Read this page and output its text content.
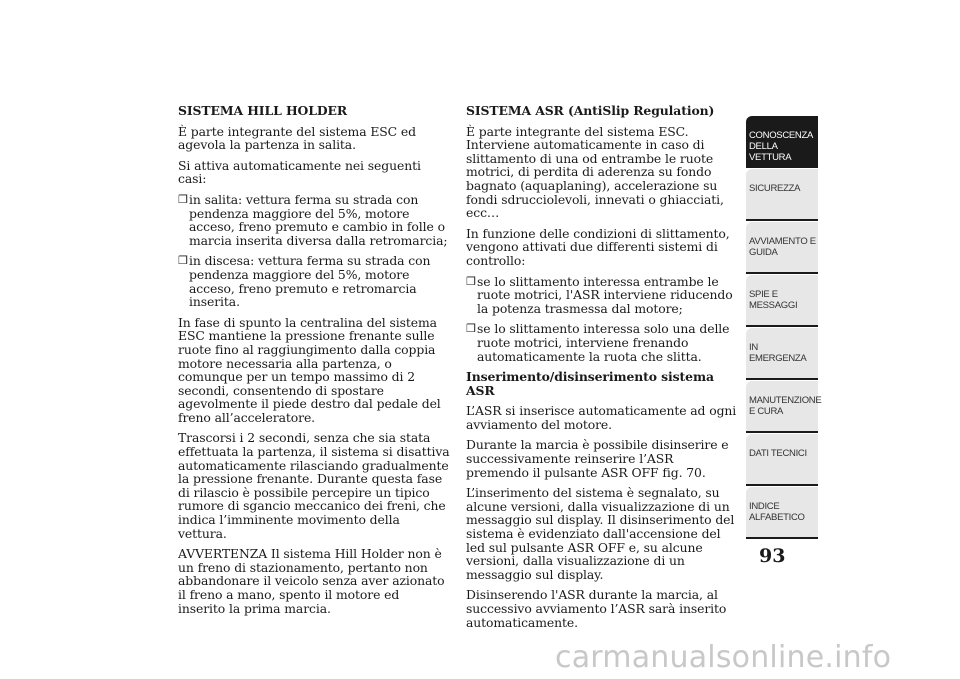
SISTEMA HILL HOLDER
È parte integrante del sistema ESC ed agevola la partenza in salita.
Si attiva automaticamente nei seguenti casi:
❒ in salita: vettura ferma su strada con pendenza maggiore del 5%, motore acceso, freno premuto e cambio in folle o marcia inserita diversa dalla retromarcia;
❒ in discesa: vettura ferma su strada con pendenza maggiore del 5%, motore acceso, freno premuto e retromarcia inserita.
In fase di spunto la centralina del sistema ESC mantiene la pressione frenante sulle ruote fino al raggiungimento dalla coppia motore necessaria alla partenza, o comunque per un tempo massimo di 2 secondi, consentendo di spostare agevolmente il piede destro dal pedale del freno all’acceleratore.
Trascorsi i 2 secondi, senza che sia stata effettuata la partenza, il sistema si disattiva automaticamente rilasciando gradualmente la pressione frenante. Durante questa fase di rilascio è possibile percepire un tipico rumore di sgancio meccanico dei freni, che indica l’imminente movimento della vettura.
AVVERTENZA Il sistema Hill Holder non è un freno di stazionamento, pertanto non abbandonare il veicolo senza aver azionato il freno a mano, spento il motore ed inserito la prima marcia.
SISTEMA ASR (AntiSlip Regulation)
È parte integrante del sistema ESC. Interviene automaticamente in caso di slittamento di una od entrambe le ruote motrici, di perdita di aderenza su fondo bagnato (aquaplaning), accelerazione su fondi sdrucciolevoli, innevati o ghiacciati, ecc…
In funzione delle condizioni di slittamento, vengono attivati due differenti sistemi di controllo:
❒ se lo slittamento interessa entrambe le ruote motrici, l'ASR interviene riducendo la potenza trasmessa dal motore;
❒ se lo slittamento interessa solo una delle ruote motrici, interviene frenando automaticamente la ruota che slitta.
Inserimento/disinserimento sistema ASR
L’ASR si inserisce automaticamente ad ogni avviamento del motore.
Durante la marcia è possibile disinserire e successivamente reinserire l’ASR premendo il pulsante ASR OFF fig. 70.
L’inserimento del sistema è segnalato, su alcune versioni, dalla visualizzazione di un messaggio sul display. Il disinserimento del sistema è evidenziato dall'accensione del led sul pulsante ASR OFF e, su alcune versioni, dalla visualizzazione di un messaggio sul display.
Disinserendo l'ASR durante la marcia, al successivo avviamento l’ASR sarà inserito automaticamente.
CONOSCENZA DELLA VETTURA
SICUREZZA
AVVIAMENTO E GUIDA
SPIE E MESSAGGI
IN EMERGENZA
MANUTENZIONE E CURA
DATI TECNICI
INDICE ALFABETICO
93
carmanualsonline.info
